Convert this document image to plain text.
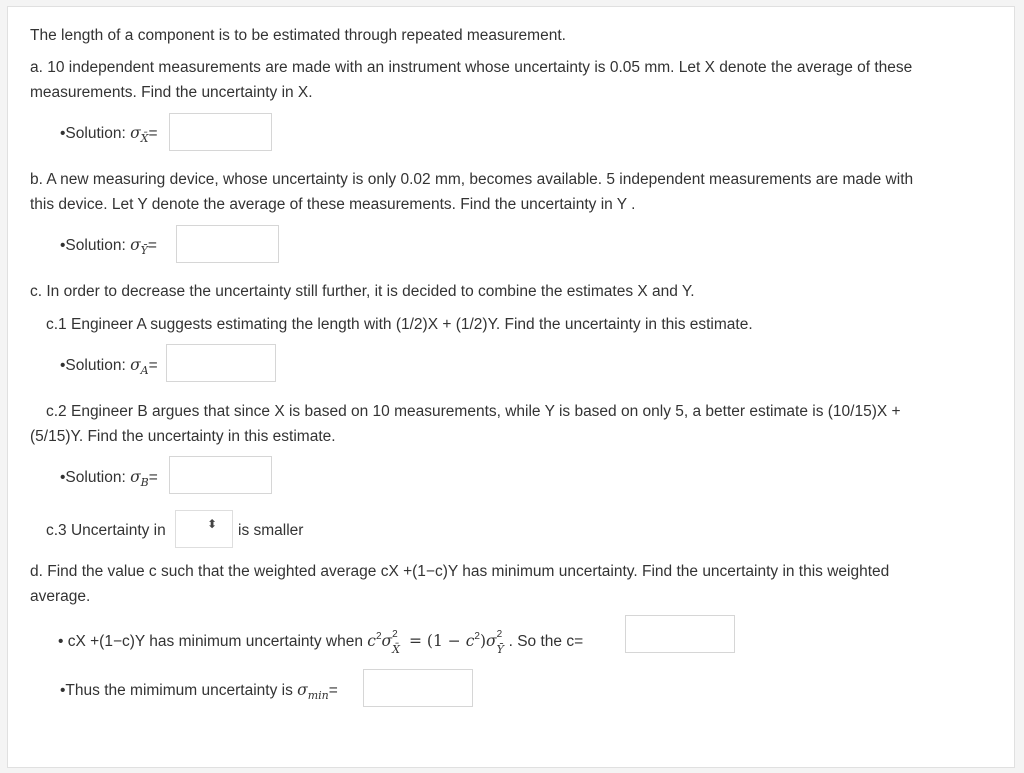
The length of a component is to be estimated through repeated measurement.
a. 10 independent measurements are made with an instrument whose uncertainty is 0.05 mm. Let X denote the average of these
measurements. Find the uncertainty in X.
•Solution: $\sigma_{X̄}=$
b. A new measuring device, whose uncertainty is only 0.02 mm, becomes available. 5 independent measurements are made with
this device. Let Y denote the average of these measurements. Find the uncertainty in Y .
•Solution: $\sigma_Ȳ=$
c. In order to decrease the uncertainty still further, it is decided to combine the estimates X and Y.
c.1 Engineer A suggests estimating the length with (1/2)X + (1/2)Y. Find the uncertainty in this estimate.
•Solution: $\sigma_A=$
c.2 Engineer B argues that since X is based on 10 measurements, while Y is based on only 5, a better estimate is (10/15)X +
(5/15)Y. Find the uncertainty in this estimate.
•Solution: $\sigma_B=$
c.3 Uncertainty in	⬍ is smaller
d. Find the value c such that the weighted average cX +(1−c)Y has minimum uncertainty. Find the uncertainty in this weighted
average.
• cX +(1−c)Y has minimum uncertainty when $c^2\sigma$ 2
X̄ = $(1 - c^2)\sigma$ 2
Ȳ . So the c=
•Thus the mimimum uncertainty is $\sigma_{min}=$
